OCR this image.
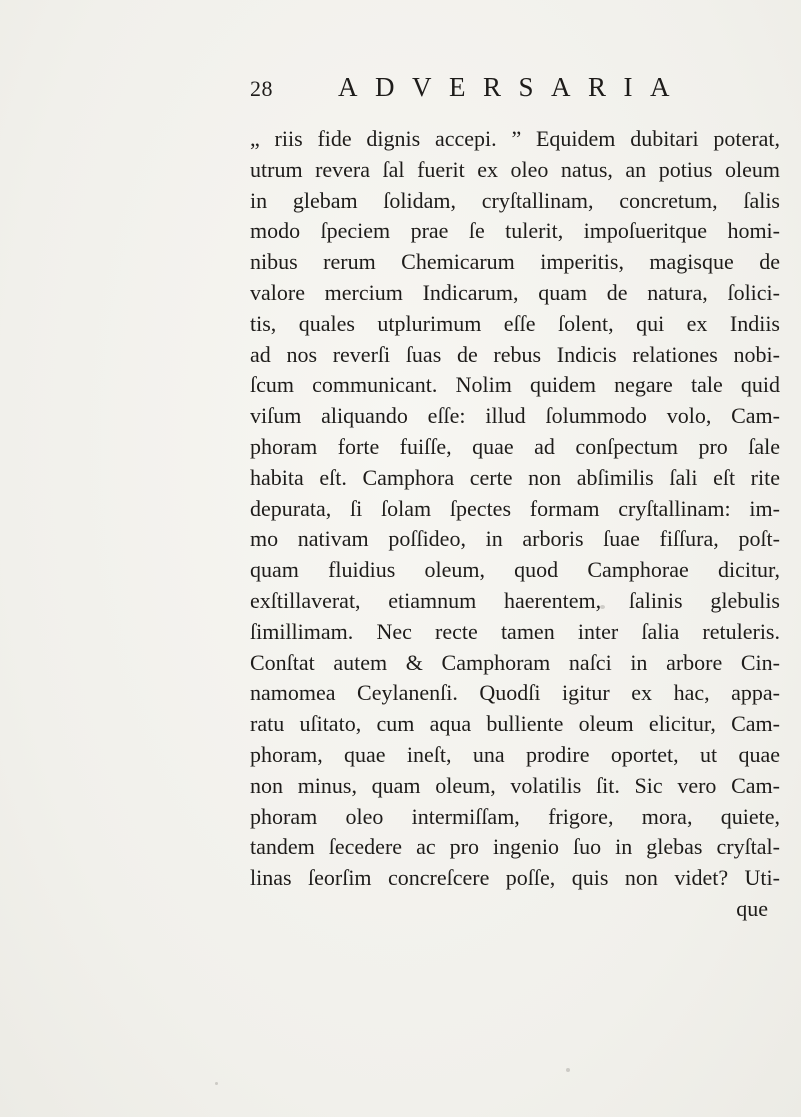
28 ADVERSARIA
„ riis fide dignis accepi. ” Equidem dubitari poterat,
utrum revera ſal fuerit ex oleo natus, an potius oleum
in glebam ſolidam, cryſtallinam, concretum, ſalis
modo ſpeciem prae ſe tulerit, impoſueritque homi-
nibus rerum Chemicarum imperitis, magisque de
valore mercium Indicarum, quam de natura, ſolici-
tis, quales utplurimum eſſe ſolent, qui ex Indiis
ad nos reverſi ſuas de rebus Indicis relationes nobi-
ſcum communicant. Nolim quidem negare tale quid
viſum aliquando eſſe: illud ſolummodo volo, Cam-
phoram forte fuiſſe, quae ad conſpectum pro ſale
habita eſt. Camphora certe non abſimilis ſali eſt rite
depurata, ſi ſolam ſpectes formam cryſtallinam: im-
mo nativam poſſideo, in arboris ſuae fiſſura, poſt-
quam fluidius oleum, quod Camphorae dicitur,
exſtillaverat, etiamnum haerentem, ſalinis glebulis
ſimillimam. Nec recte tamen inter ſalia retuleris.
Conſtat autem & Camphoram naſci in arbore Cin-
namomea Ceylanenſi. Quodſi igitur ex hac, appa-
ratu uſitato, cum aqua bulliente oleum elicitur, Cam-
phoram, quae ineſt, una prodire oportet, ut quae
non minus, quam oleum, volatilis ſit. Sic vero Cam-
phoram oleo intermiſſam, frigore, mora, quiete,
tandem ſecedere ac pro ingenio ſuo in glebas cryſtal-
linas ſeorſim concreſcere poſſe, quis non videt? Uti-
que
